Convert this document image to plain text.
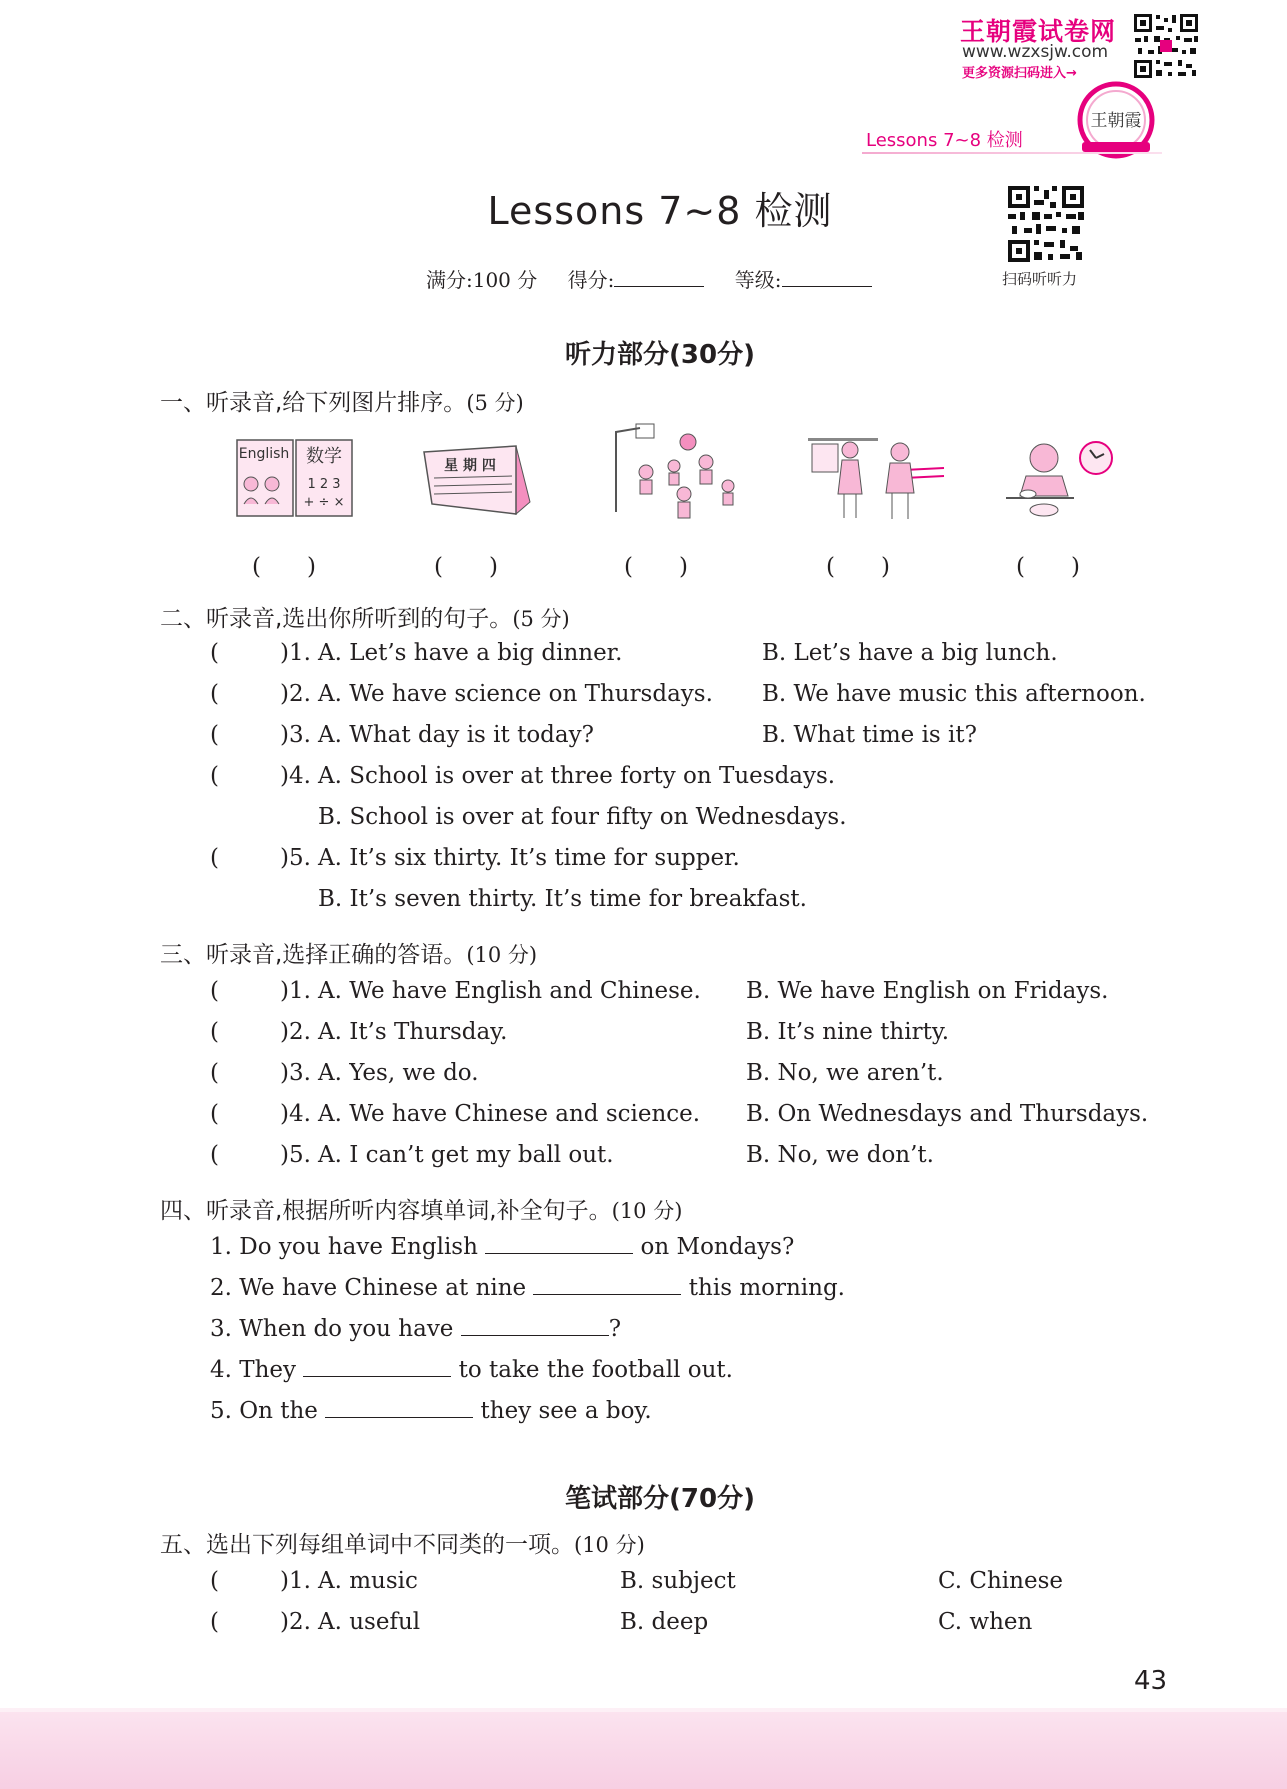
王朝霞试卷网
www.wzxsjw.com
更多资源扫码进入→
王朝霞
Lessons 7~8 检测
Lessons 7~8 检测
扫码听听力
满分:100 分 得分:	等级:
听力部分(30分)
一、听录音,给下列图片排序。(5 分)
English 数学
1 2 3
+ ÷ ×
星 期 四
(　　)	(　　)	(　　)	(　　)	(　　)
二、听录音,选出你所听到的句子。(5 分)
(	)1. A. Let’s have a big dinner.	B. Let’s have a big lunch.
(	)2. A. We have science on Thursdays. B. We have music this afternoon.
(	)3. A. What day is it today?	B. What time is it?
(	)4. A. School is over at three forty on Tuesdays.
B. School is over at four fifty on Wednesdays.
(	)5. A. It’s six thirty. It’s time for supper.
B. It’s seven thirty. It’s time for breakfast.
三、听录音,选择正确的答语。(10 分)
(	)1. A. We have English and Chinese. B. We have English on Fridays.
(	)2. A. It’s Thursday.	B. It’s nine thirty.
(	)3. A. Yes, we do.	B. No, we aren’t.
(	)4. A. We have Chinese and science. B. On Wednesdays and Thursdays.
(	)5. A. I can’t get my ball out.	B. No, we don’t.
四、听录音,根据所听内容填单词,补全句子。(10 分)
1. Do you have English	on Mondays?
2. We have Chinese at nine	this morning.
3. When do you have	?
4. They	to take the football out.
5. On the	they see a boy.
笔试部分(70分)
五、选出下列每组单词中不同类的一项。(10 分)
(	)1. A. music	B. subject	C. Chinese
(	)2. A. useful	B. deep	C. when
43
